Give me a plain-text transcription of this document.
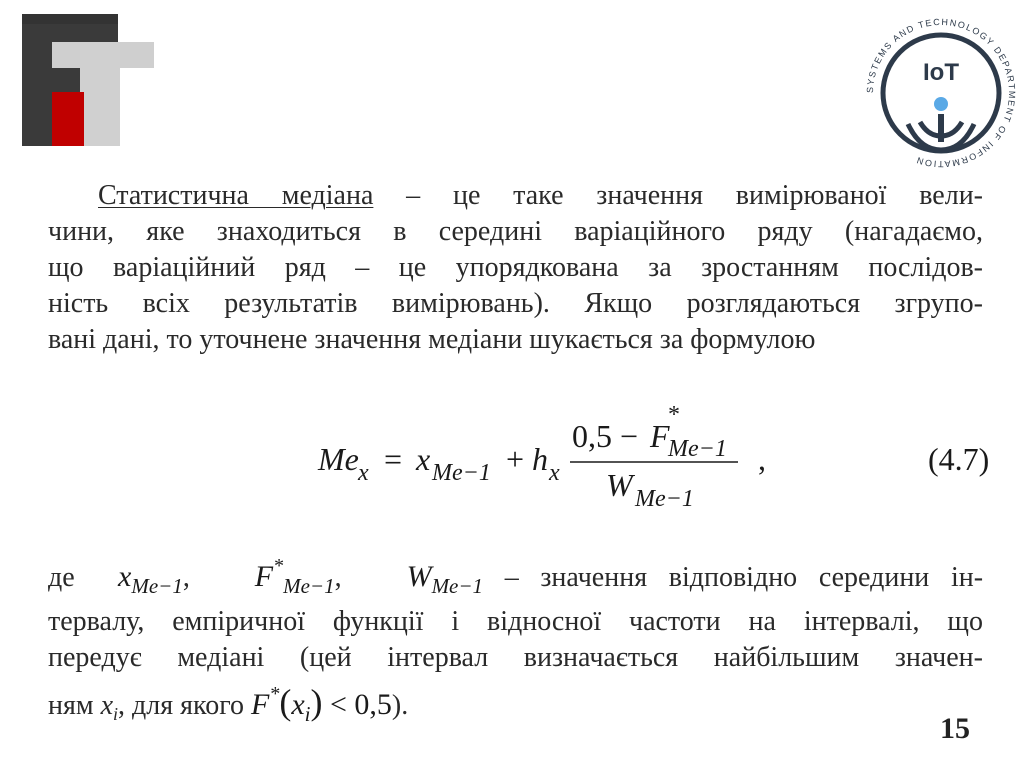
SYSTEMS AND TECHNOLOGY DEPARTMENT OF INFORMATION
IoT
Статистична медіана – це таке значення вимірюваної вели-
чини, яке знаходиться в середині варіаційного ряду (нагадаємо,
що варіаційний ряд – це упорядкована за зростанням послідов-
ність всіх результатів вимірювань). Якщо розглядаються згрупо-
вані дані, то уточнене значення медіани шукається за формулою
Me x = x Me−1 + h x
0,5 − F
*
Me−1
W Me−1
,	(4.7)
де $x_{Me-1}$, $F^*_{Me-1}$, $W_{Me-1}$ – значення відповідно середини ін-
тервалу, емпіричної функції і відносної частоти на інтервалі, що
передує медіані (цей інтервал визначається найбільшим значен-
ням $x_i$, для якого $F^*(x_i) < 0,5$).
15
